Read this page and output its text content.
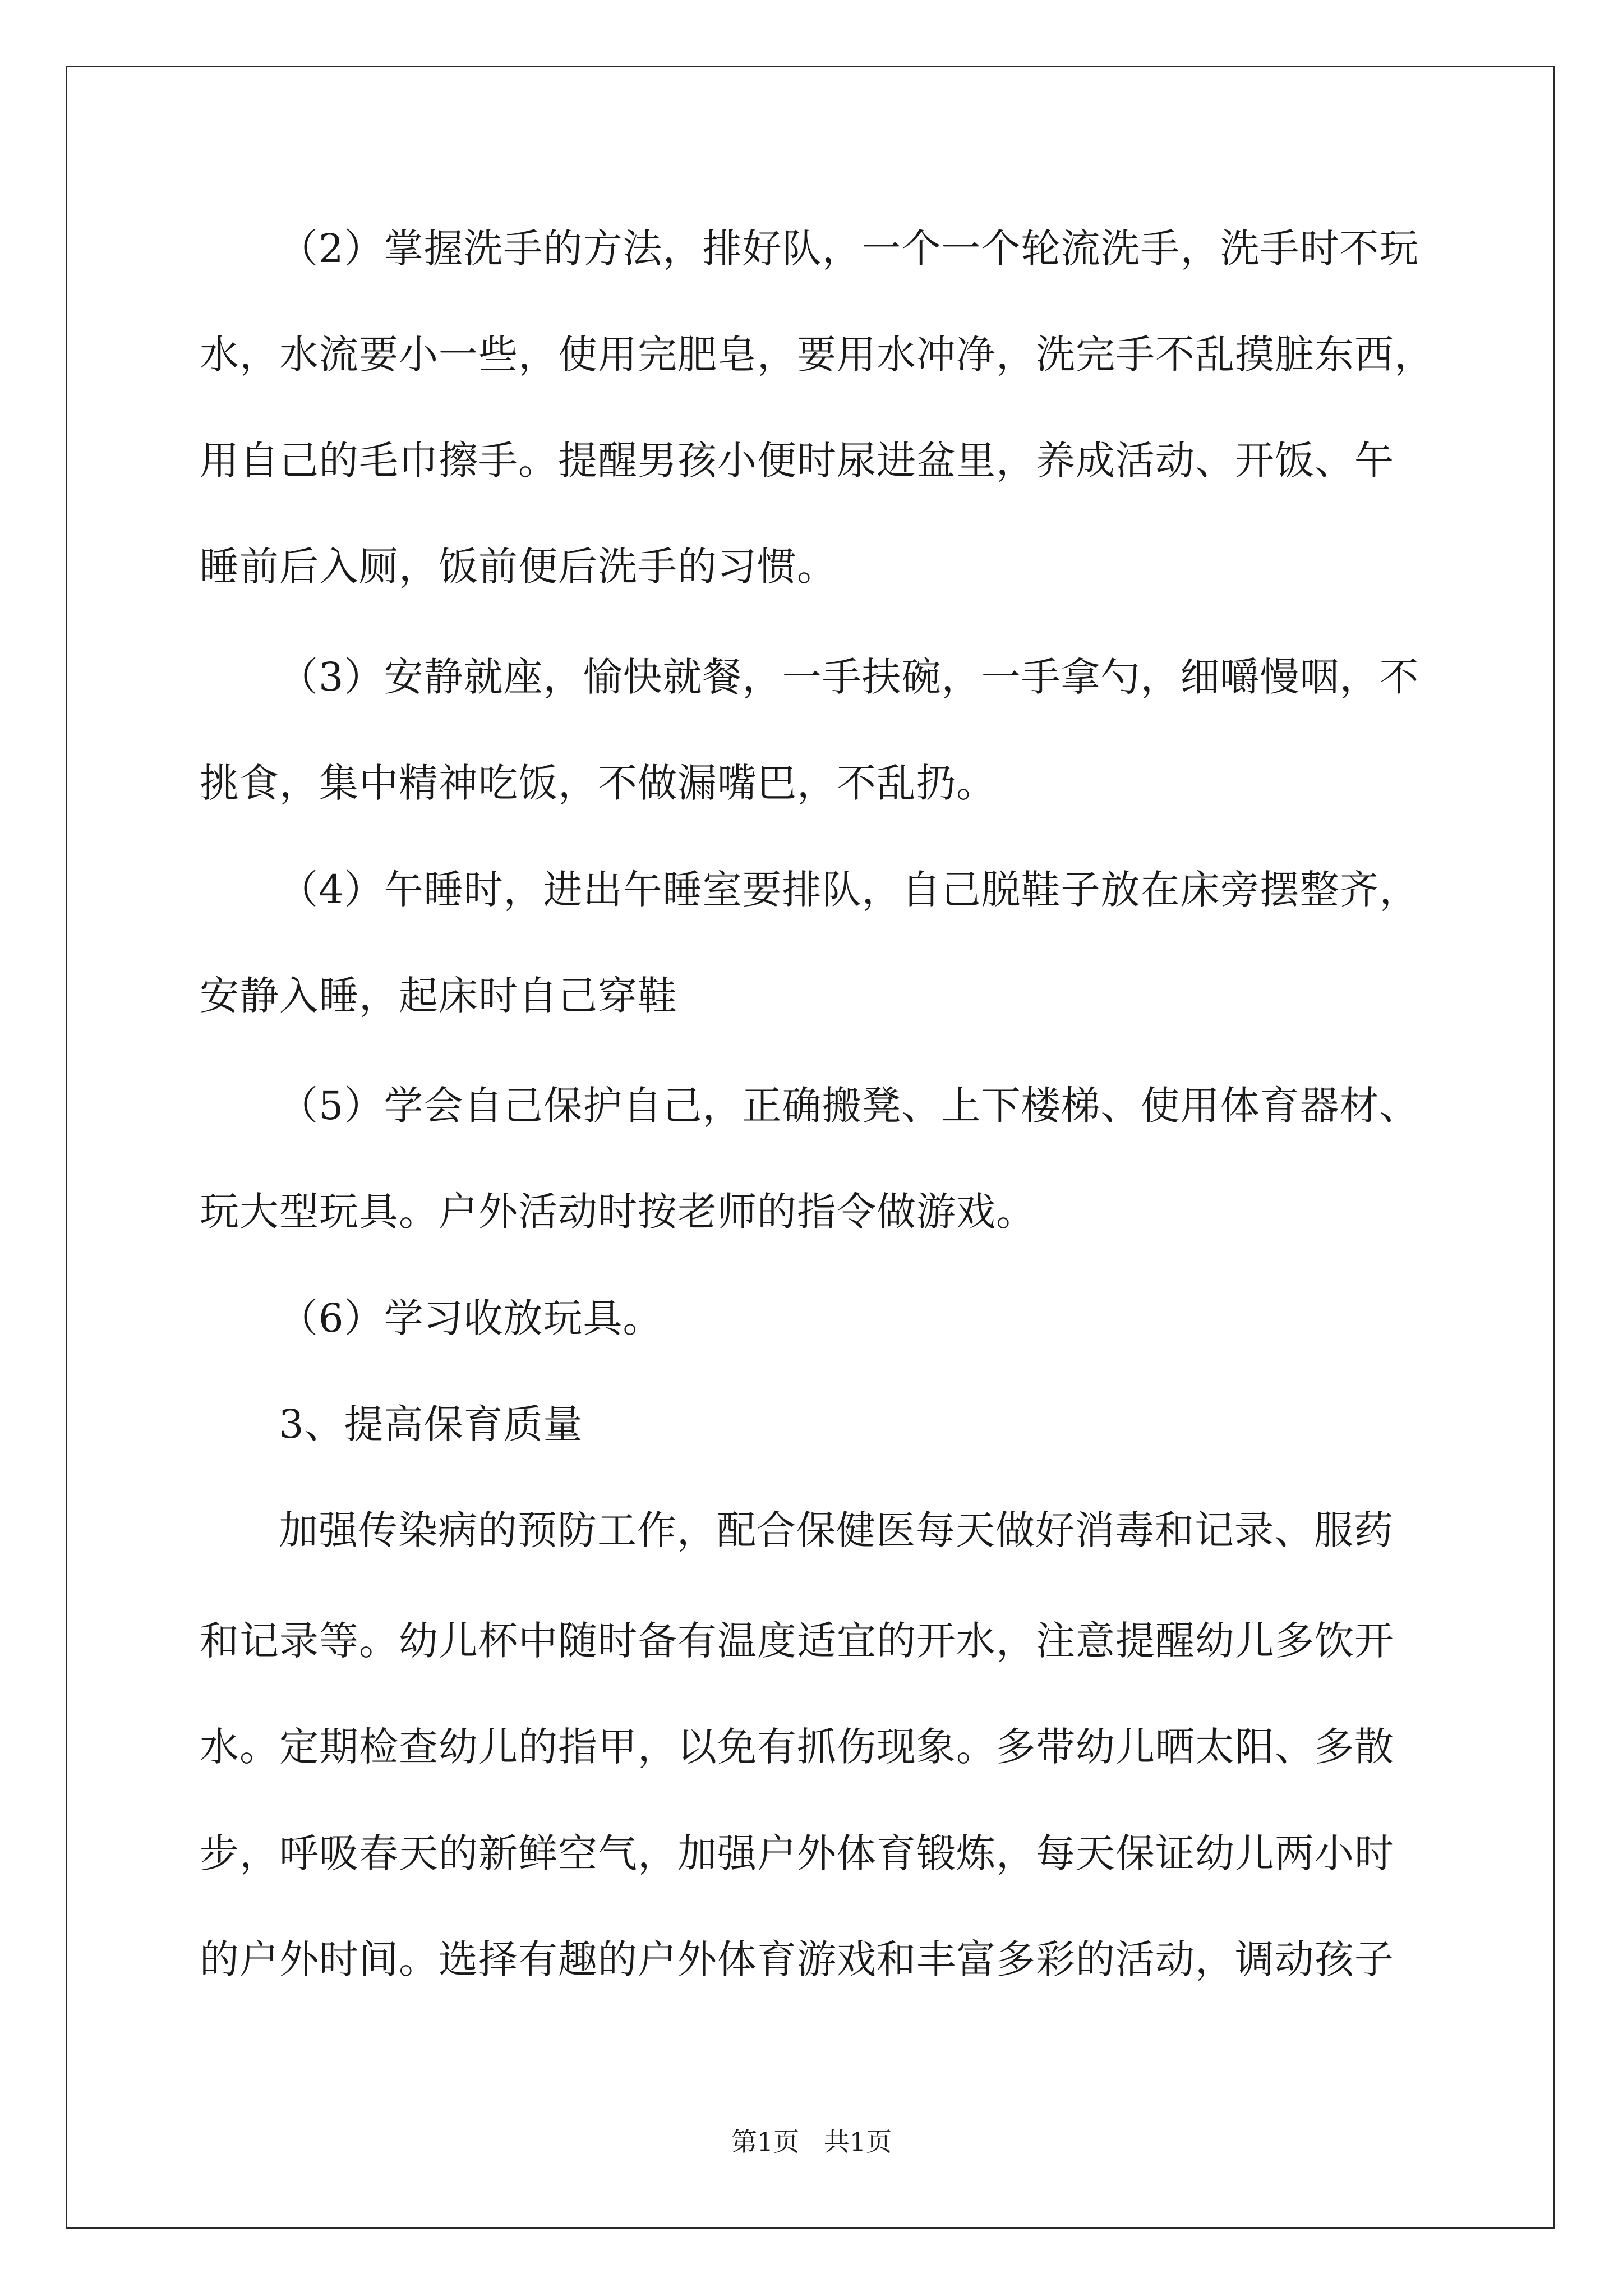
（2）掌握洗手的方法，排好队，一个一个轮流洗手，洗手时不玩
水，水流要小一些，使用完肥皂，要用水冲净，洗完手不乱摸脏东西，
用自己的毛巾擦手。提醒男孩小便时尿进盆里，养成活动、开饭、午
睡前后入厕，饭前便后洗手的习惯。
（3）安静就座，愉快就餐，一手扶碗，一手拿勺，细嚼慢咽，不
挑食，集中精神吃饭，不做漏嘴巴，不乱扔。
（4）午睡时，进出午睡室要排队，自己脱鞋子放在床旁摆整齐，
安静入睡，起床时自己穿鞋
（5）学会自己保护自己，正确搬凳、上下楼梯、使用体育器材、
玩大型玩具。户外活动时按老师的指令做游戏。
（6）学习收放玩具。
3、提高保育质量
加强传染病的预防工作，配合保健医每天做好消毒和记录、服药
和记录等。幼儿杯中随时备有温度适宜的开水，注意提醒幼儿多饮开
水。定期检查幼儿的指甲，以免有抓伤现象。多带幼儿晒太阳、多散
步，呼吸春天的新鲜空气，加强户外体育锻炼，每天保证幼儿两小时
的户外时间。选择有趣的户外体育游戏和丰富多彩的活动，调动孩子
第1页   共1页
